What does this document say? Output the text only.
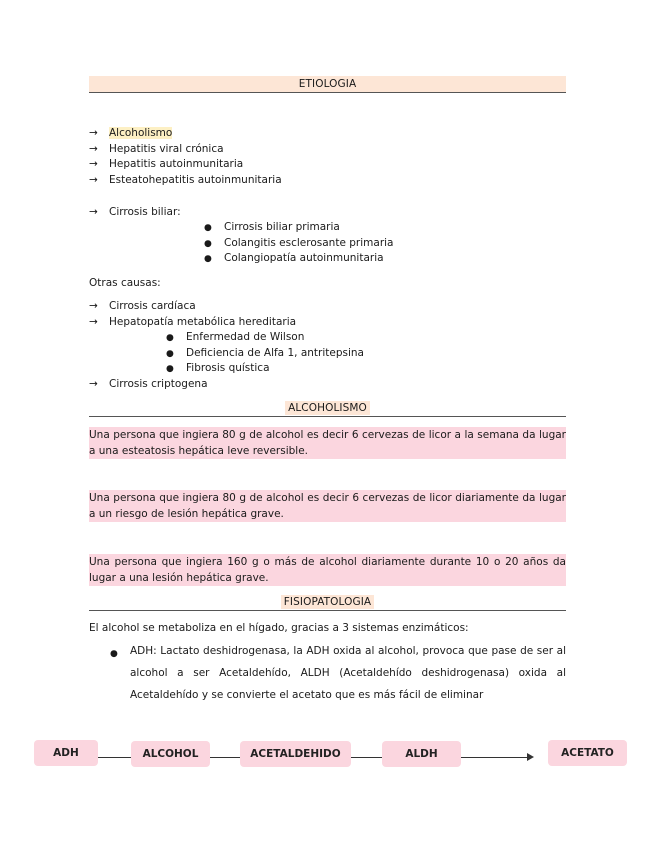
ETIOLOGIA
→ Alcoholismo
→ Hepatitis viral crónica
→ Hepatitis autoinmunitaria
→ Esteatohepatitis autoinmunitaria
→ Cirrosis biliar:
● Cirrosis biliar primaria
● Colangitis esclerosante primaria
● Colangiopatía autoinmunitaria
Otras causas:
→ Cirrosis cardíaca
→ Hepatopatía metabólica hereditaria
● Enfermedad de Wilson
● Deficiencia de Alfa 1, antritepsina
● Fibrosis quística
→ Cirrosis criptogena
ALCOHOLISMO
Una persona que ingiera 80 g de alcohol es decir 6 cervezas de licor a la semana da lugar a una esteatosis hepática leve reversible.
Una persona que ingiera 80 g de alcohol es decir 6 cervezas de licor diariamente da lugar a un riesgo de lesión hepática grave.
Una persona que ingiera 160 g o más de alcohol diariamente durante 10 o 20 años da lugar a una lesión hepática grave.
FISIOPATOLOGIA
El alcohol se metaboliza en el hígado, gracias a 3 sistemas enzimáticos:
● ADH: Lactato deshidrogenasa, la ADH oxida al alcohol, provoca que pase de ser al alcohol a ser Acetaldehído, ALDH (Acetaldehído deshidrogenasa) oxida al Acetaldehído y se convierte el acetato que es más fácil de eliminar
ADH	ALCOHOL	ACETALDEHIDO	ALDH	ACETATO
